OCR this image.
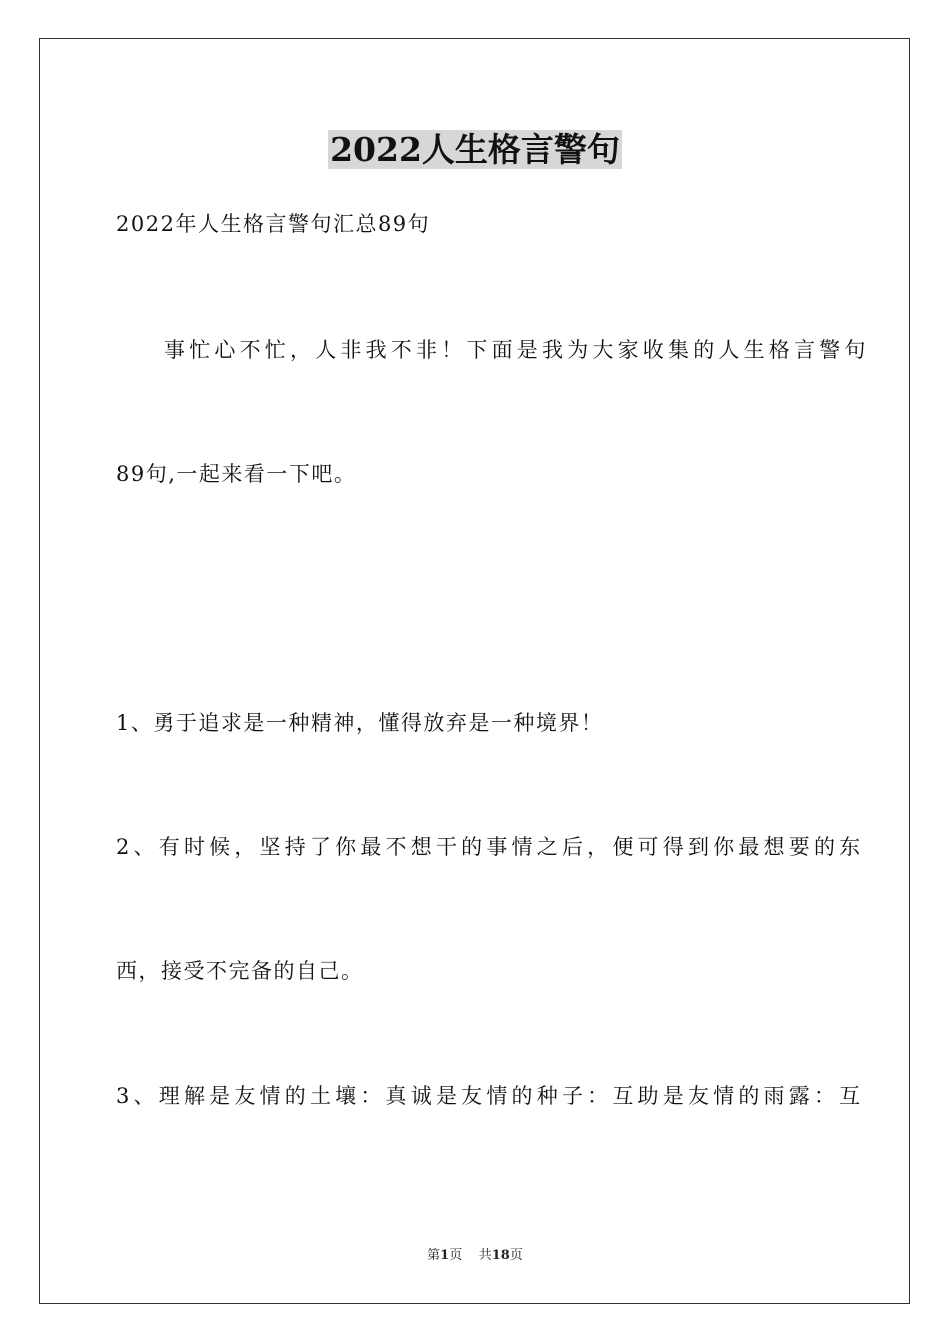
2022人生格言警句
2022年人生格言警句汇总89句
事忙心不忙，人非我不非！下面是我为大家收集的人生格言警句
89句,一起来看一下吧。
1、勇于追求是一种精神，懂得放弃是一种境界！
2、有时候，坚持了你最不想干的事情之后，便可得到你最想要的东
西，接受不完备的自己。
3、理解是友情的土壤：真诚是友情的种子：互助是友情的雨露：互
第1页 共18页
